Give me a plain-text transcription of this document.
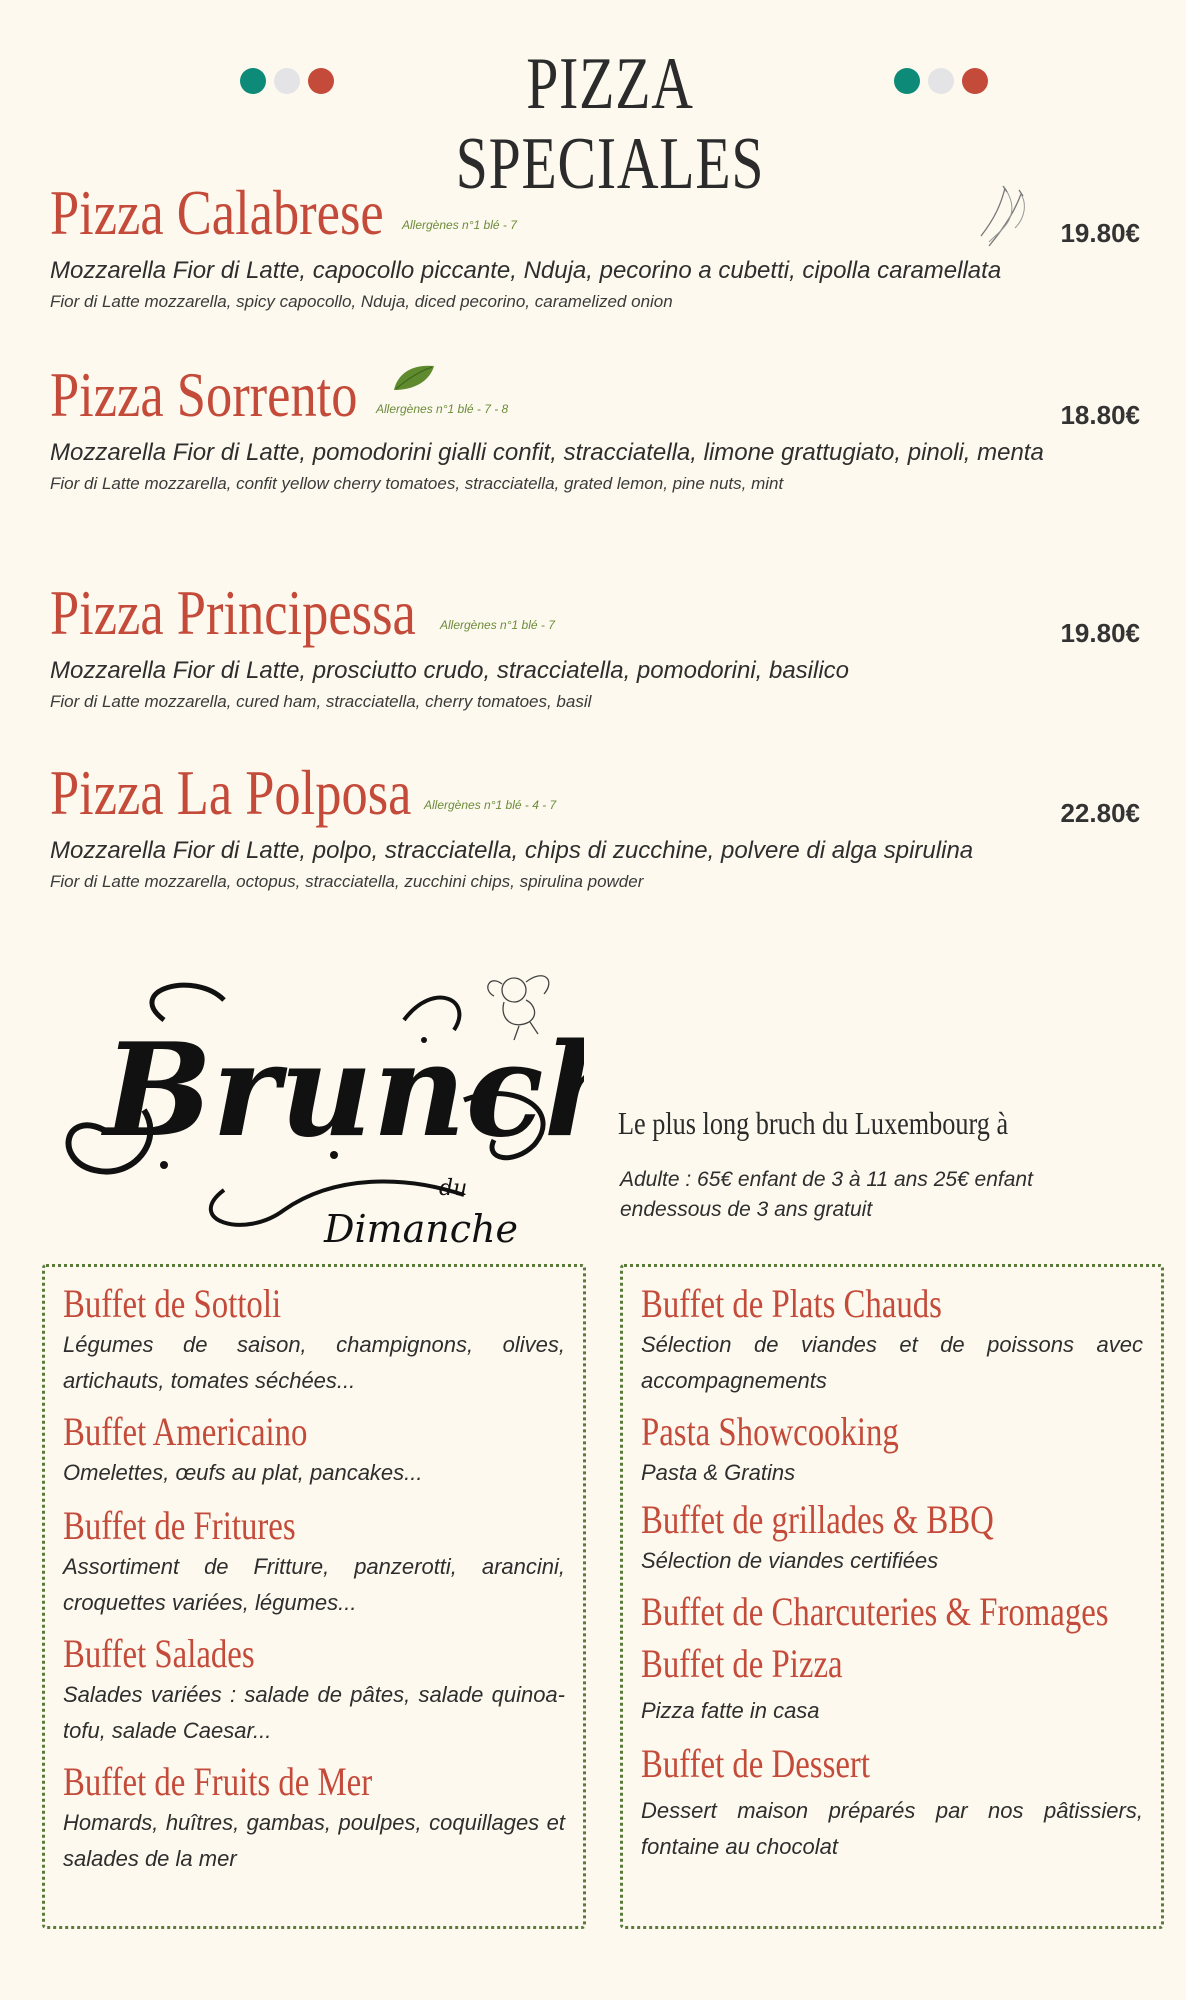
PIZZA SPECIALES
Pizza Calabrese Allergènes n°1 blé - 7	19.80€
Mozzarella Fior di Latte, capocollo piccante, Nduja, pecorino a cubetti, cipolla caramellata
Fior di Latte mozzarella, spicy capocollo, Nduja, diced pecorino, caramelized onion
Pizza Sorrento Allergènes n°1 blé - 7 - 8	18.80€
Mozzarella Fior di Latte, pomodorini gialli confit, stracciatella, limone grattugiato, pinoli, menta
Fior di Latte mozzarella, confit yellow cherry tomatoes, stracciatella, grated lemon, pine nuts, mint
Pizza Principessa Allergènes n°1 blé - 7	19.80€
Mozzarella Fior di Latte, prosciutto crudo, stracciatella, pomodorini, basilico
Fior di Latte mozzarella, cured ham, stracciatella, cherry tomatoes, basil
Pizza La Polposa Allergènes n°1 blé - 4 - 7	22.80€
Mozzarella Fior di Latte, polpo, stracciatella, chips di zucchine, polvere di alga spirulina
Fior di Latte mozzarella, octopus, stracciatella, zucchini chips, spirulina powder
Brunch
du
Dimanche
Le plus long bruch du Luxembourg à
Adulte : 65€ enfant de 3 à 11 ans 25€ enfant endessous de 3 ans gratuit
Buffet de Sottoli
Légumes de saison, champignons, olives, artichauts, tomates séchées...
Buffet Americaino
Omelettes, œufs au plat, pancakes...
Buffet de Fritures
Assortiment de Fritture, panzerotti, arancini, croquettes variées, légumes...
Buffet Salades
Salades variées : salade de pâtes, salade quinoa-tofu, salade Caesar...
Buffet de Fruits de Mer
Homards, huîtres, gambas, poulpes, coquillages et salades de la mer
Buffet de Plats Chauds
Sélection de viandes et de poissons avec accompagnements
Pasta Showcooking
Pasta & Gratins
Buffet de grillades & BBQ
Sélection de viandes certifiées
Buffet de Charcuteries & Fromages
Buffet de Pizza
Pizza fatte in casa
Buffet de Dessert
Dessert maison préparés par nos pâtissiers, fontaine au chocolat
